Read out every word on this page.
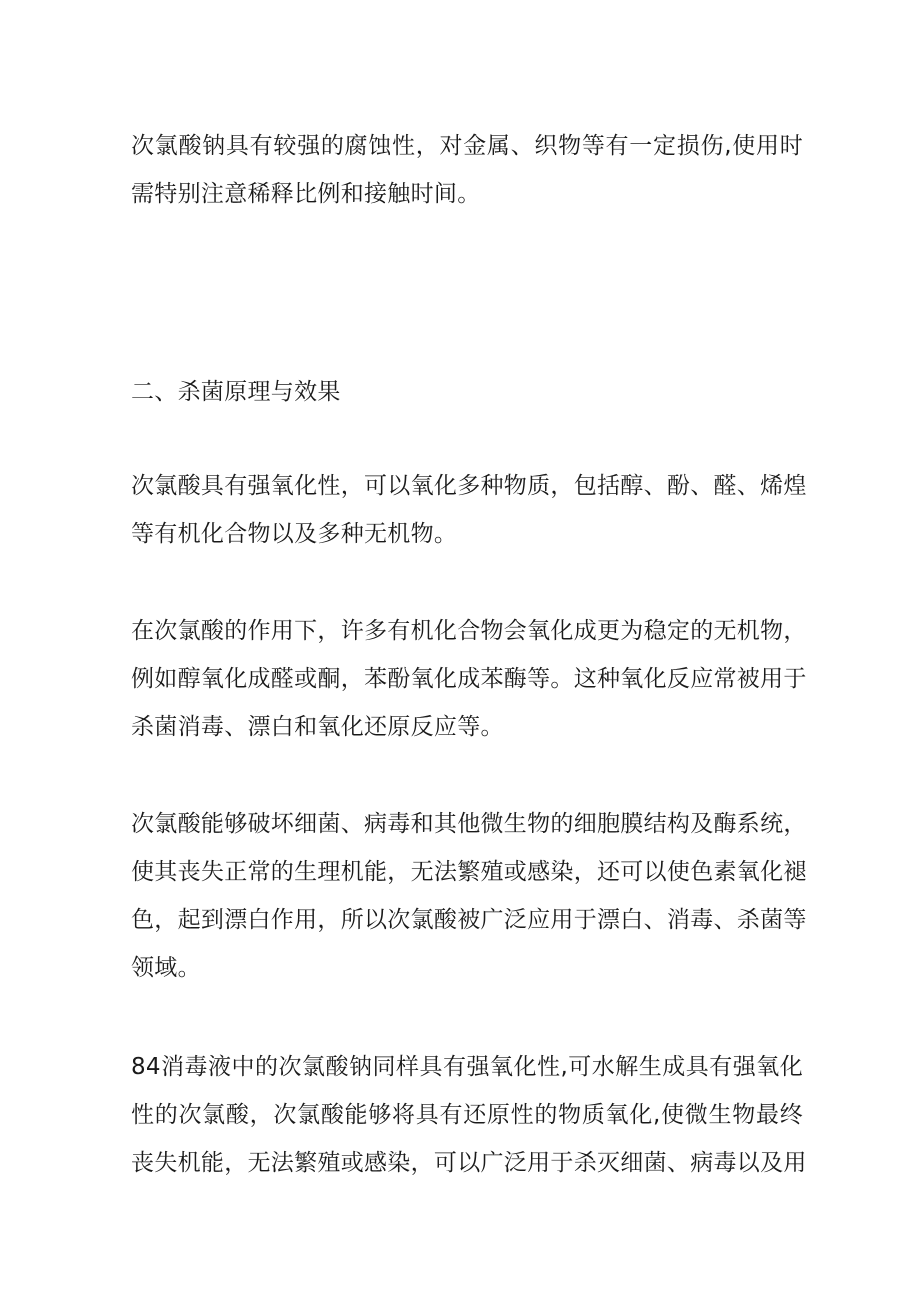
次氯酸钠具有较强的腐蚀性，对金属、织物等有一定损伤,使用时
需特别注意稀释比例和接触时间。
二、杀菌原理与效果
次氯酸具有强氧化性，可以氧化多种物质，包括醇、酚、醛、烯煌
等有机化合物以及多种无机物。
在次氯酸的作用下，许多有机化合物会氧化成更为稳定的无机物，
例如醇氧化成醛或酮，苯酚氧化成苯酶等。这种氧化反应常被用于
杀菌消毒、漂白和氧化还原反应等。
次氯酸能够破坏细菌、病毒和其他微生物的细胞膜结构及酶系统，
使其丧失正常的生理机能，无法繁殖或感染，还可以使色素氧化褪
色，起到漂白作用，所以次氯酸被广泛应用于漂白、消毒、杀菌等
领域。
84消毒液中的次氯酸钠同样具有强氧化性,可水解生成具有强氧化
性的次氯酸，次氯酸能够将具有还原性的物质氧化,使微生物最终
丧失机能，无法繁殖或感染，可以广泛用于杀灭细菌、病毒以及用
